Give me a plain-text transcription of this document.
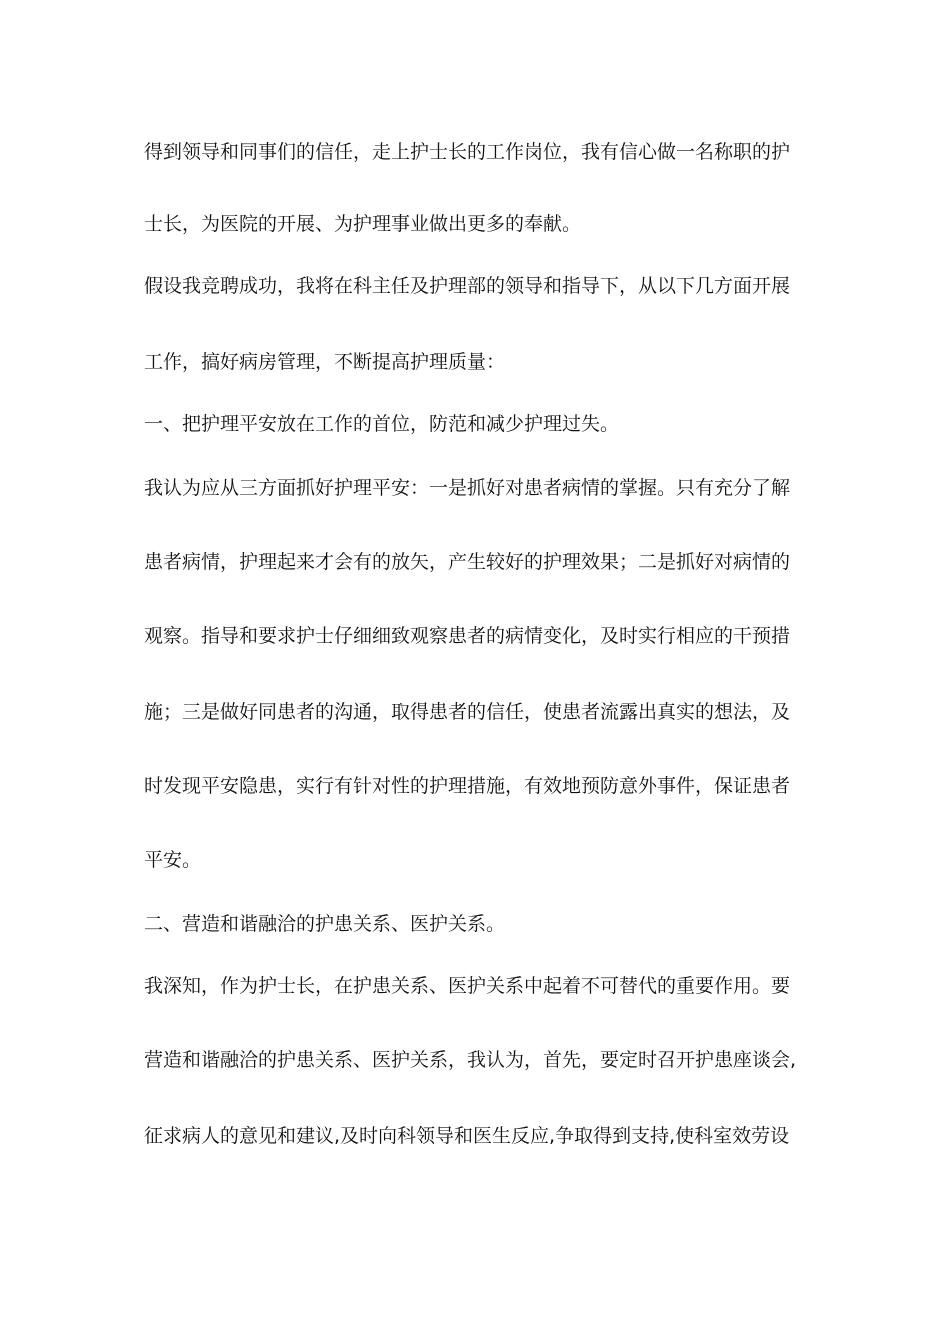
得到领导和同事们的信任，走上护士长的工作岗位，我有信心做一名称职的护
士长，为医院的开展、为护理事业做出更多的奉献。
假设我竞聘成功，我将在科主任及护理部的领导和指导下，从以下几方面开展
工作，搞好病房管理，不断提高护理质量：
一、把护理平安放在工作的首位，防范和减少护理过失。
我认为应从三方面抓好护理平安：一是抓好对患者病情的掌握。只有充分了解
患者病情，护理起来才会有的放矢，产生较好的护理效果；二是抓好对病情的
观察。指导和要求护士仔细细致观察患者的病情变化，及时实行相应的干预措
施；三是做好同患者的沟通，取得患者的信任，使患者流露出真实的想法，及
时发现平安隐患，实行有针对性的护理措施，有效地预防意外事件，保证患者
平安。
二、营造和谐融洽的护患关系、医护关系。
我深知，作为护士长，在护患关系、医护关系中起着不可替代的重要作用。要
营造和谐融洽的护患关系、医护关系，我认为，首先，要定时召开护患座谈会,
征求病人的意见和建议,及时向科领导和医生反应,争取得到支持,使科室效劳设
